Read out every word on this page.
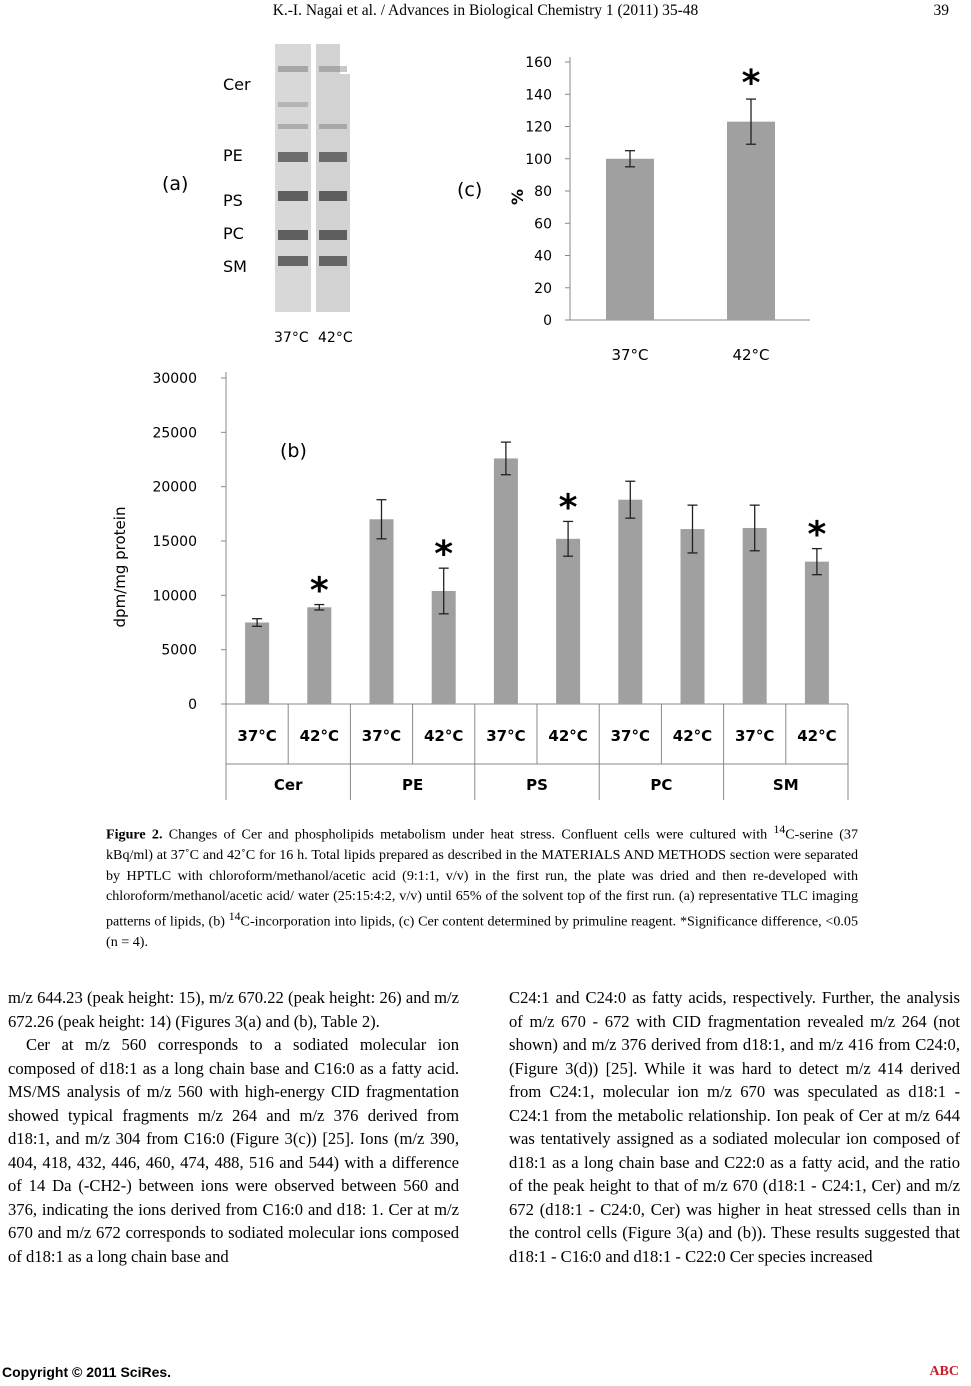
K.-I. Nagai et al. / Advances in Biological Chemistry 1 (2011) 35-48	39
(a)
Cer
PE
PS
PC
SM
37°C 42°C
(c) %
0
20
40
60
80
100
120
140
160
37°C
*
42°C
(b)
dpm/mg protein
0
5000
10000
15000
20000
25000
30000
37°C
*
42°C 37°C
*
42°C 37°C
*
42°C 37°C 42°C 37°C
*
42°C
Cer	PE	PS	PC	SM
Figure 2. Changes of Cer and phospholipids metabolism under heat stress. Confluent cells were cultured with $^{14}$C-serine (37 kBq/ml) at 37˚C and 42˚C for 16 h. Total lipids prepared as described in the MATERIALS AND METHODS section were separated by HPTLC with chloroform/methanol/acetic acid (9:1:1, v/v) in the first run, the plate was dried and then re-developed with chloroform/methanol/acetic acid/ water (25:15:4:2, v/v) until 65% of the solvent top of the first run. (a) representative TLC imaging patterns of lipids, (b) $^{14}$C-incorporation into lipids, (c) Cer content determined by primuline reagent. *Significance difference, <0.05 (n = 4).

m/z 644.23 (peak height: 15), m/z 670.22 (peak height: 26) and m/z 672.26 (peak height: 14) (Figures 3(a) and (b), Table 2).

Cer at m/z 560 corresponds to a sodiated molecular ion composed of d18:1 as a long chain base and C16:0 as a fatty acid. MS/MS analysis of m/z 560 with high-energy CID fragmentation showed typical fragments m/z 264 and m/z 376 derived from d18:1, and m/z 304 from C16:0 (Figure 3(c)) [25]. Ions (m/z 390, 404, 418, 432, 446, 460, 474, 488, 516 and 544) with a difference of 14 Da (-CH2-) between ions were observed between 560 and 376, indicating the ions derived from C16:0 and d18: 1. Cer at m/z 670 and m/z 672 corresponds to sodiated molecular ions composed of d18:1 as a long chain base and

C24:1 and C24:0 as fatty acids, respectively. Further, the analysis of m/z 670 - 672 with CID fragmentation revealed m/z 264 (not shown) and m/z 376 derived from d18:1, and m/z 416 from C24:0, (Figure 3(d)) [25]. While it was hard to detect m/z 414 derived from C24:1, molecular ion m/z 670 was speculated as d18:1 - C24:1 from the metabolic relationship. Ion peak of Cer at m/z 644 was tentatively assigned as a sodiated molecular ion composed of d18:1 as a long chain base and C22:0 as a fatty acid, and the ratio of the peak height to that of m/z 670 (d18:1 - C24:1, Cer) and m/z 672 (d18:1 - C24:0, Cer) was higher in heat stressed cells than in the control cells (Figure 3(a) and (b)). These results suggested that d18:1 - C16:0 and d18:1 - C22:0 Cer species increased

Copyright © 2011 SciRes.	ABC
